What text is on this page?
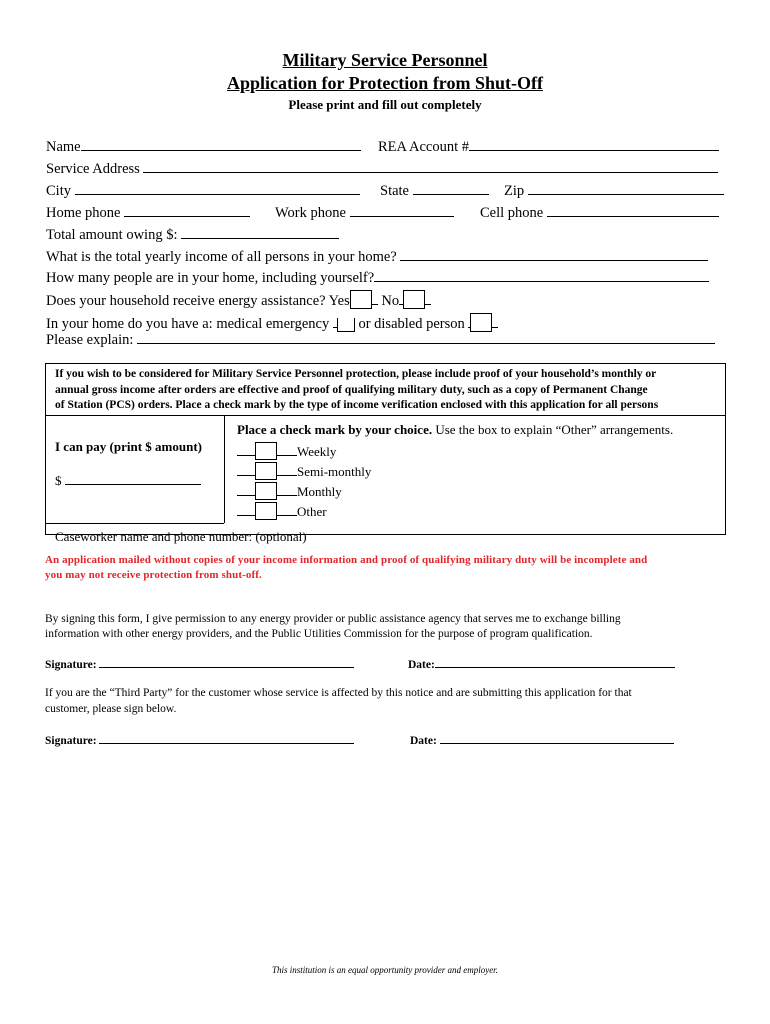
Military Service Personnel
Application for Protection from Shut-Off
Please print and fill out completely
Name	REA Account #
Service Address
City	State	Zip
Home phone	Work phone	Cell phone
Total amount owing $:
What is the total yearly income of all persons in your home?
How many people are in your home, including yourself?
Does your household receive energy assistance? Yes No
In your home do you have a: medical emergency or disabled person
Please explain:
If you wish to be considered for Military Service Personnel protection, please include proof of your household’s monthly or
annual gross income after orders are effective and proof of qualifying military duty, such as a copy of Permanent Change
of Station (PCS) orders. Place a check mark by the type of income verification enclosed with this application for all persons
I can pay (print $ amount)
$
Place a check mark by your choice. Use the box to explain “Other” arrangements.
Weekly
Semi-monthly
Monthly
Other
Caseworker name and phone number: (optional)
An application mailed without copies of your income information and proof of qualifying military duty will be incomplete and
you may not receive protection from shut-off.
By signing this form, I give permission to any energy provider or public assistance agency that serves me to exchange billing
information with other energy providers, and the Public Utilities Commission for the purpose of program qualification.
Signature:	Date:
If you are the “Third Party” for the customer whose service is affected by this notice and are submitting this application for that
customer, please sign below.
Signature:	Date:
This institution is an equal opportunity provider and employer.
